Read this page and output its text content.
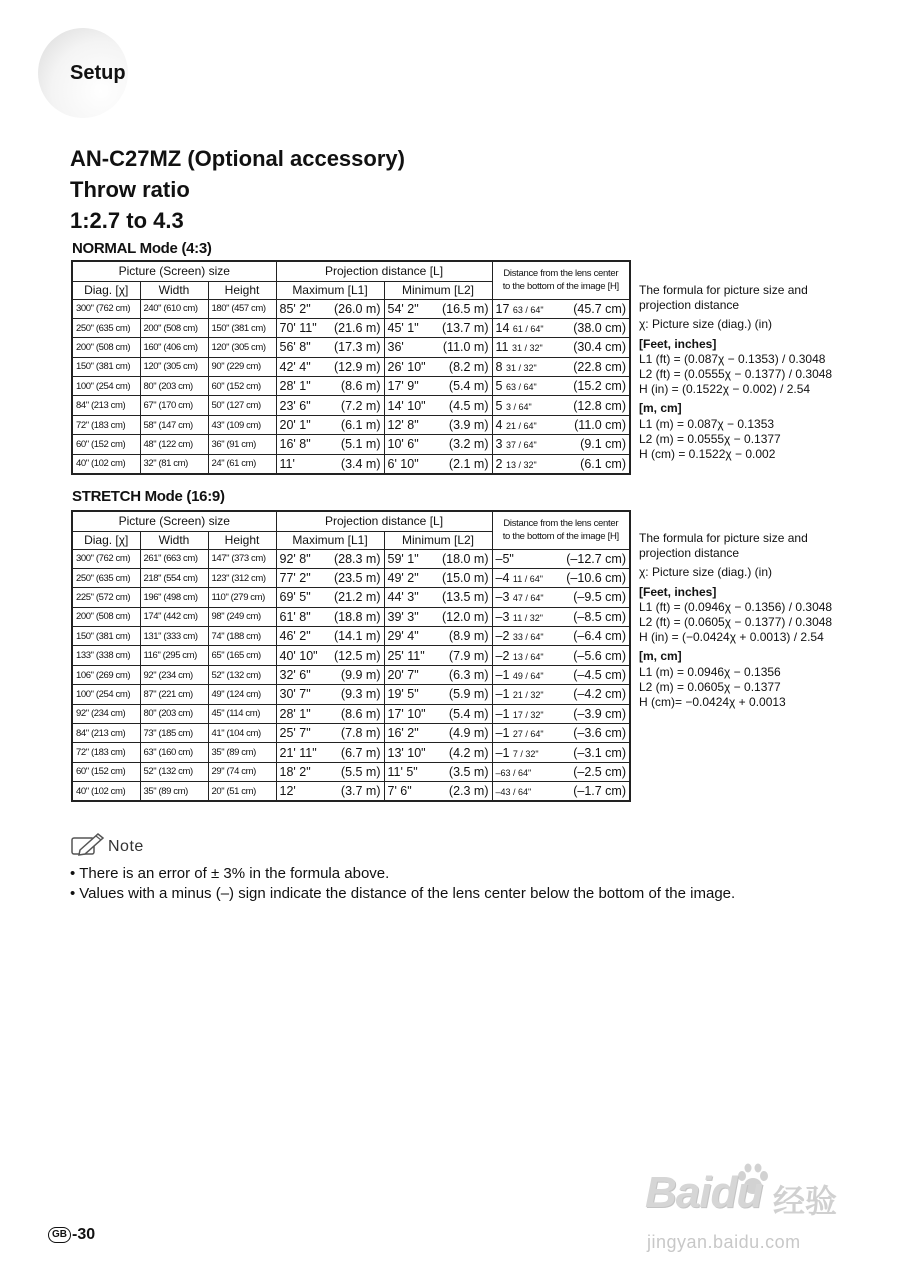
Setup
AN-C27MZ (Optional accessory)
Throw ratio
1:2.7 to 4.3
NORMAL Mode (4:3)
Picture (Screen) size			Projection distance [L]		Distance from the lens center
to the bottom of the image [H]
Diag. [χ]	Width	Height	Maximum [L1]	Minimum [L2]	
300" (762 cm)	240" (610 cm)	180" (457 cm)	85' 2" (26.0 m)	54' 2" (16.5 m)	17 63 / 64" (45.7 cm)

250" (635 cm)	200" (508 cm)	150" (381 cm)	70' 11" (21.6 m)	45' 1" (13.7 m)	14 61 / 64" (38.0 cm)

200" (508 cm)	160" (406 cm)	120" (305 cm)	56' 8" (17.3 m)	36' (11.0 m)	11 31 / 32" (30.4 cm)

150" (381 cm)	120" (305 cm)	90" (229 cm)	42' 4" (12.9 m)	26' 10" (8.2 m)	8 31 / 32" (22.8 cm)

100" (254 cm)	80" (203 cm)	60" (152 cm)	28' 1" (8.6 m)	17' 9" (5.4 m)	5 63 / 64" (15.2 cm)

84" (213 cm)	67" (170 cm)	50" (127 cm)	23' 6" (7.2 m)	14' 10" (4.5 m)	5 3 / 64" (12.8 cm)

72" (183 cm)	58" (147 cm)	43" (109 cm)	20' 1" (6.1 m)	12' 8" (3.9 m)	4 21 / 64" (11.0 cm)

60" (152 cm)	48" (122 cm)	36" (91 cm)	16' 8" (5.1 m)	10' 6" (3.2 m)	3 37 / 64" (9.1 cm)

40" (102 cm)	32" (81 cm)	24" (61 cm)	11' (3.4 m)	6' 10" (2.1 m)	2 13 / 32" (6.1 cm)
The formula for picture size and
projection distance
χ: Picture size (diag.) (in)
[Feet, inches]
L1 (ft) = (0.087χ − 0.1353) / 0.3048
L2 (ft) = (0.0555χ − 0.1377) / 0.3048
H (in) = (0.1522χ − 0.002) / 2.54
[m, cm]
L1 (m) = 0.087χ − 0.1353
L2 (m) = 0.0555χ − 0.1377
H (cm) = 0.1522χ − 0.002
STRETCH Mode (16:9)
Picture (Screen) size			Projection distance [L]		Distance from the lens center
to the bottom of the image [H]
Diag. [χ]	Width	Height	Maximum [L1]	Minimum [L2]	
300" (762 cm)	261" (663 cm)	147" (373 cm)	92' 8" (28.3 m)	59' 1" (18.0 m)	–5" (–12.7 cm)

250" (635 cm)	218" (554 cm)	123" (312 cm)	77' 2" (23.5 m)	49' 2" (15.0 m)	–4 11 / 64" (–10.6 cm)

225" (572 cm)	196" (498 cm)	110" (279 cm)	69' 5" (21.2 m)	44' 3" (13.5 m)	–3 47 / 64" (–9.5 cm)

200" (508 cm)	174" (442 cm)	98" (249 cm)	61' 8" (18.8 m)	39' 3" (12.0 m)	–3 11 / 32" (–8.5 cm)

150" (381 cm)	131" (333 cm)	74" (188 cm)	46' 2" (14.1 m)	29' 4" (8.9 m)	–2 33 / 64" (–6.4 cm)

133" (338 cm)	116" (295 cm)	65" (165 cm)	40' 10" (12.5 m)	25' 11" (7.9 m)	–2 13 / 64" (–5.6 cm)

106" (269 cm)	92" (234 cm)	52" (132 cm)	32' 6" (9.9 m)	20' 7" (6.3 m)	–1 49 / 64" (–4.5 cm)

100" (254 cm)	87" (221 cm)	49" (124 cm)	30' 7" (9.3 m)	19' 5" (5.9 m)	–1 21 / 32" (–4.2 cm)

92" (234 cm)	80" (203 cm)	45" (114 cm)	28' 1" (8.6 m)	17' 10" (5.4 m)	–1 17 / 32" (–3.9 cm)

84" (213 cm)	73" (185 cm)	41" (104 cm)	25' 7" (7.8 m)	16' 2" (4.9 m)	–1 27 / 64" (–3.6 cm)

72" (183 cm)	63" (160 cm)	35" (89 cm)	21' 11" (6.7 m)	13' 10" (4.2 m)	–1 7 / 32" (–3.1 cm)

60" (152 cm)	52" (132 cm)	29" (74 cm)	18' 2" (5.5 m)	11' 5" (3.5 m)	–63 / 64" (–2.5 cm)

40" (102 cm)	35" (89 cm)	20" (51 cm)	12' (3.7 m)	7' 6" (2.3 m)	–43 / 64" (–1.7 cm)
The formula for picture size and
projection distance
χ: Picture size (diag.) (in)
[Feet, inches]
L1 (ft) = (0.0946χ − 0.1356) / 0.3048
L2 (ft) = (0.0605χ − 0.1377) / 0.3048
H (in) = (−0.0424χ + 0.0013) / 2.54
[m, cm]
L1 (m) = 0.0946χ − 0.1356
L2 (m) = 0.0605χ − 0.1377
H (cm)= −0.0424χ + 0.0013
Note
• There is an error of ± 3% in the formula above.
• Values with a minus (–) sign indicate the distance of the lens center below the bottom of the image.
GB -30
Baidu 经验
jingyan.baidu.com
